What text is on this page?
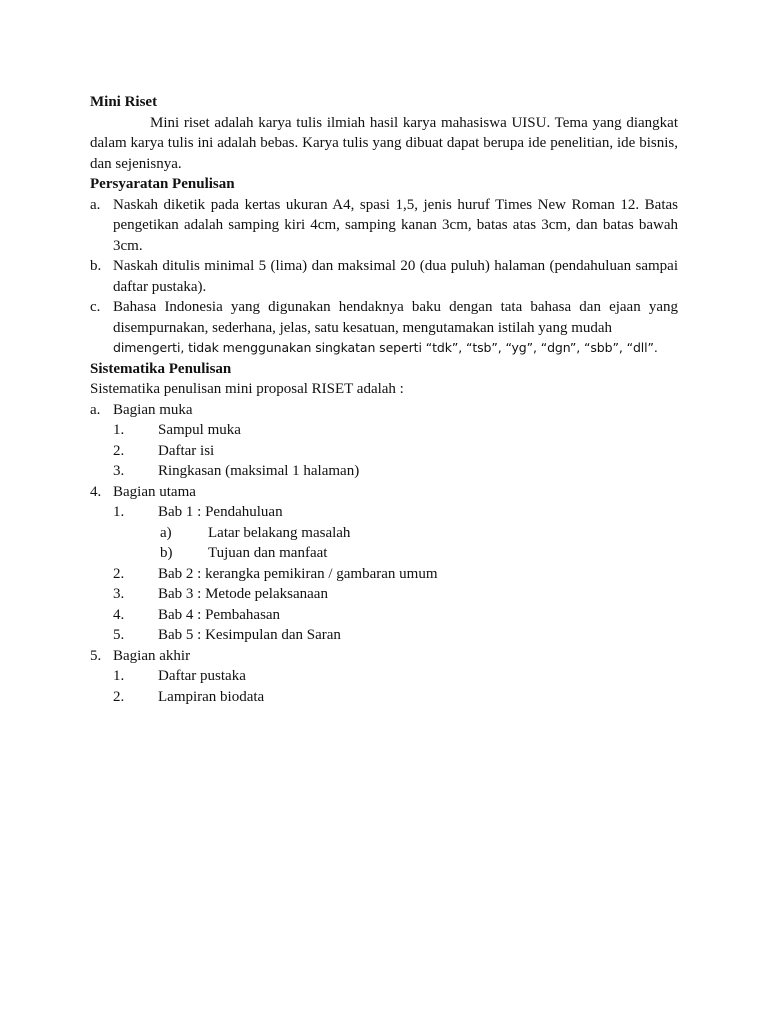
Mini Riset
Mini riset adalah karya tulis ilmiah hasil karya mahasiswa UISU. Tema yang diangkat dalam karya tulis ini adalah bebas. Karya tulis yang dibuat dapat berupa ide penelitian, ide bisnis, dan sejenisnya.
Persyaratan Penulisan
a. Naskah diketik pada kertas ukuran A4, spasi 1,5, jenis huruf Times New Roman 12. Batas pengetikan adalah samping kiri 4cm, samping kanan 3cm, batas atas 3cm, dan batas bawah 3cm.
b. Naskah ditulis minimal 5 (lima) dan maksimal 20 (dua puluh) halaman (pendahuluan sampai daftar pustaka).
c. Bahasa Indonesia yang digunakan hendaknya baku dengan tata bahasa dan ejaan yang disempurnakan, sederhana, jelas, satu kesatuan, mengutamakan istilah yang mudah
dimengerti, tidak menggunakan singkatan seperti “tdk”, “tsb”, “yg”, “dgn”, “sbb”, “dll”.
Sistematika Penulisan
Sistematika penulisan mini proposal RISET adalah :
a. Bagian muka
1. Sampul muka
2. Daftar isi
3. Ringkasan (maksimal 1 halaman)
4. Bagian utama
1. Bab 1 : Pendahuluan
a) Latar belakang masalah
b) Tujuan dan manfaat
2. Bab 2 : kerangka pemikiran / gambaran umum
3. Bab 3 : Metode pelaksanaan
4. Bab 4 : Pembahasan
5. Bab 5 : Kesimpulan dan Saran
5. Bagian akhir
1. Daftar pustaka
2. Lampiran biodata
